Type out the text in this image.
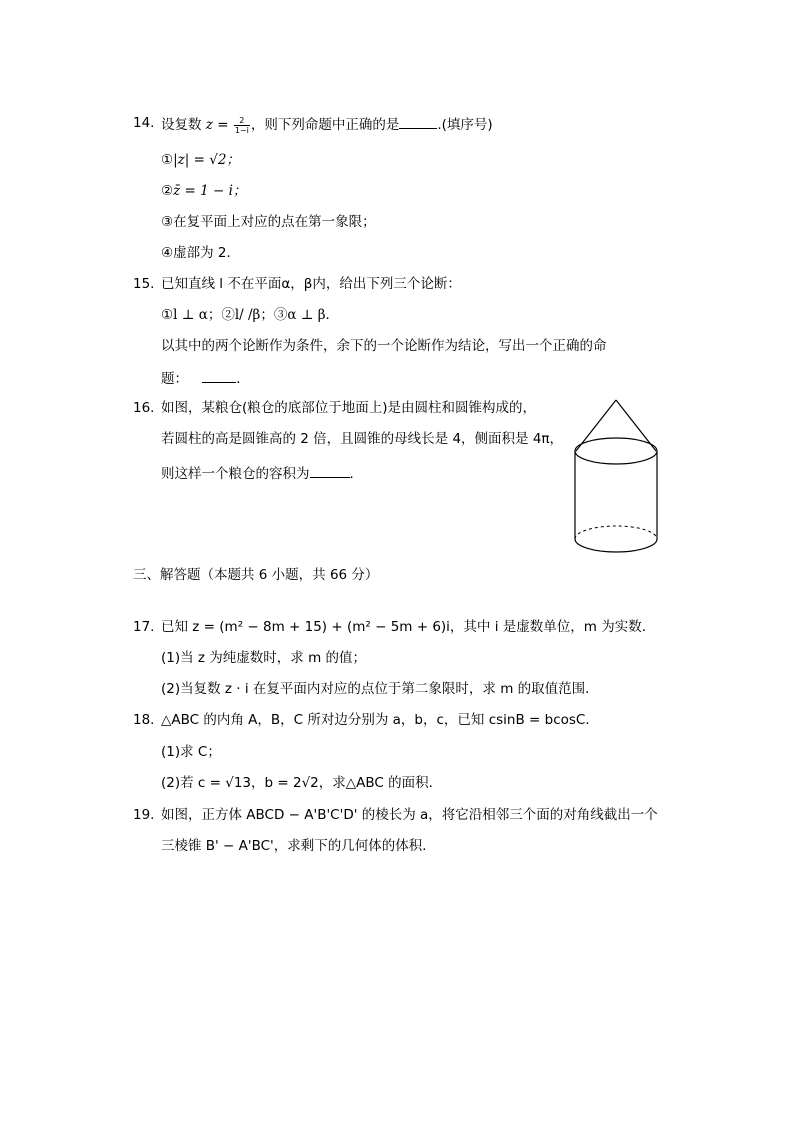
14. 设复数 $z = \frac{2}{1-i}$ ，则下列命题中正确的是	.(填序号)
①|z| = √2；
②z̄ = 1 − i；
③在复平面上对应的点在第一象限；
④虚部为 2．
15. 已知直线 l 不在平面α，β内，给出下列三个论断：
①l ⊥ α；②l/ /β；③α ⊥ β．
以其中的两个论断作为条件，余下的一个论断作为结论，写出一个正确的命
题：	．
16. 如图，某粮仓(粮仓的底部位于地面上)是由圆柱和圆锥构成的，
若圆柱的高是圆锥高的 2 倍，且圆锥的母线长是 4，侧面积是 4π，
则这样一个粮仓的容积为	．
三、解答题（本题共 6 小题，共 66 分）
17. 已知 z = (m² − 8m + 15) + (m² − 5m + 6)i，其中 i 是虚数单位，m 为实数．
(1)当 z 为纯虚数时，求 m 的值；
(2)当复数 z · i 在复平面内对应的点位于第二象限时，求 m 的取值范围．
18. △ABC 的内角 A，B，C 所对边分别为 a，b，c，已知 csinB = bcosC．
(1)求 C；
(2)若 c = √13，b = 2√2，求△ABC 的面积．
19. 如图，正方体 ABCD − A'B'C'D' 的棱长为 a，将它沿相邻三个面的对角线截出一个
三棱锥 B' − A'BC'，求剩下的几何体的体积．
